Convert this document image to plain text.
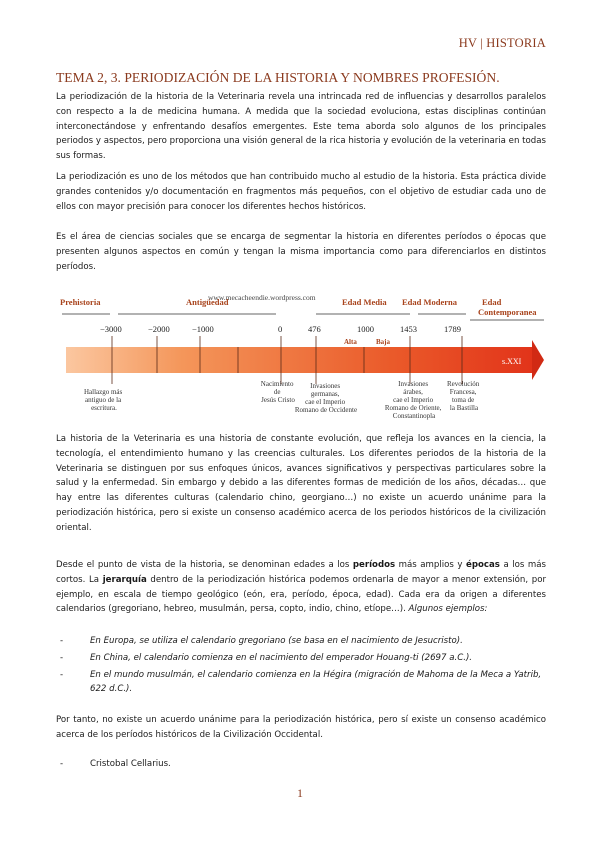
HV | HISTORIA
TEMA 2, 3. PERIODIZACIÓN DE LA HISTORIA Y NOMBRES PROFESIÓN.

La periodización de la historia de la Veterinaria revela una intrincada red de influencias y desarrollos paralelos con respecto a la de medicina humana. A medida que la sociedad evoluciona, estas disciplinas continúan interconectándose y enfrentando desafíos emergentes. Este tema aborda solo algunos de los principales periodos y aspectos, pero proporciona una visión general de la rica historia y evolución de la veterinaria en todas sus formas.

La periodización es uno de los métodos que han contribuido mucho al estudio de la historia. Esta práctica divide grandes contenidos y/o documentación en fragmentos más pequeños, con el objetivo de estudiar cada uno de ellos con mayor precisión para conocer los diferentes hechos históricos.

Es el área de ciencias sociales que se encarga de segmentar la historia en diferentes períodos o épocas que presenten algunos aspectos en común y tengan la misma importancia como para diferenciarlos en distintos períodos.

www.mecacheendie.wordpress.com
Prehistoria	Antigüedad	Edad Media Edad Moderna	Edad
Contemporanea
−3000	−2000	−1000	0	476	1000	1453	1789
Alta	Baja
s.XXI
Hallazgo más antiguo de la escritura.
Nacimiento de Jesús Cristo
Invasiones germanas, cae el Imperio Romano de Occidente
Invasiones árabes, cae el Imperio Romano de Oriente, Constantinopla
Revolución Francesa, toma de la Bastilla

La historia de la Veterinaria es una historia de constante evolución, que refleja los avances en la ciencia, la tecnología, el entendimiento humano y las creencias culturales. Los diferentes periodos de la historia de la Veterinaria se distinguen por sus enfoques únicos, avances significativos y perspectivas particulares sobre la salud y la enfermedad. Sin embargo y debido a las diferentes formas de medición de los años, décadas… que hay entre las diferentes culturas (calendario chino, georgiano…) no existe un acuerdo unánime para la periodización histórica, pero si existe un consenso académico acerca de los periodos históricos de la civilización oriental.

Desde el punto de vista de la historia, se denominan edades a los períodos más amplios y épocas a los más cortos. La jerarquía dentro de la periodización histórica podemos ordenarla de mayor a menor extensión, por ejemplo, en escala de tiempo geológico (eón, era, período, época, edad). Cada era da origen a diferentes calendarios (gregoriano, hebreo, musulmán, persa, copto, indio, chino, etíope…). Algunos ejemplos:

-	En Europa, se utiliza el calendario gregoriano (se basa en el nacimiento de Jesucristo).
-	En China, el calendario comienza en el nacimiento del emperador Houang-ti (2697 a.C.).
-	En el mundo musulmán, el calendario comienza en la Hégira (migración de Mahoma de la Meca a Yatrib, 622 d.C.).

Por tanto, no existe un acuerdo unánime para la periodización histórica, pero sí existe un consenso académico acerca de los períodos históricos de la Civilización Occidental.

-	Cristobal Cellarius.
1
